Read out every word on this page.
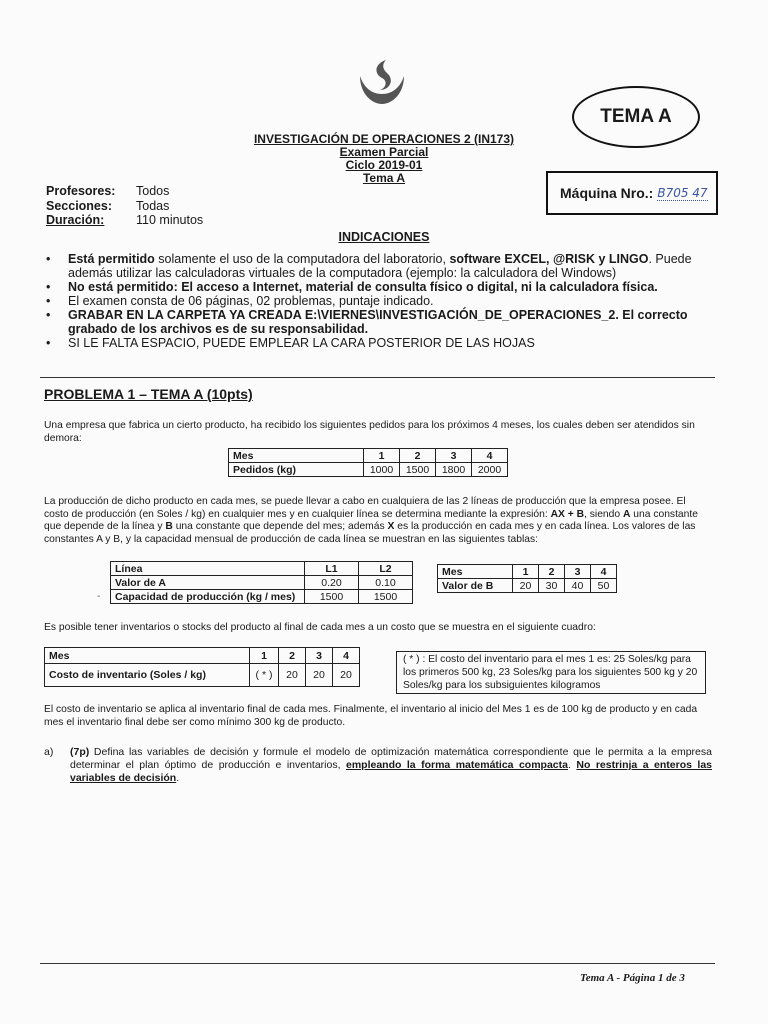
TEMA A
Máquina Nro.: B705 47
INVESTIGACIÓN DE OPERACIONES 2 (IN173)
Examen Parcial
Ciclo 2019-01
Tema A
Profesores: Todos
Secciones: Todas
Duración:	110 minutos
INDICACIONES
• Está permitido solamente el uso de la computadora del laboratorio, software EXCEL, @RISK y LINGO. Puede además utilizar las calculadoras virtuales de la computadora (ejemplo: la calculadora del Windows)
• No está permitido: El acceso a Internet, material de consulta físico o digital, ni la calculadora física.
• El examen consta de 06 páginas, 02 problemas, puntaje indicado.
• GRABAR EN LA CARPETA YA CREADA E:\VIERNES\INVESTIGACIÓN_DE_OPERACIONES_2. El correcto grabado de los archivos es de su responsabilidad.
• SI LE FALTA ESPACIO, PUEDE EMPLEAR LA CARA POSTERIOR DE LAS HOJAS
PROBLEMA 1 – TEMA A (10pts)
Una empresa que fabrica un cierto producto, ha recibido los siguientes pedidos para los próximos 4 meses, los cuales deben ser atendidos sin demora:
Mes	1	2	3	4
Pedidos (kg)	1000	1500	1800	2000
La producción de dicho producto en cada mes, se puede llevar a cabo en cualquiera de las 2 líneas de producción que la empresa posee. El costo de producción (en Soles / kg) en cualquier mes y en cualquier línea se determina mediante la expresión: AX + B, siendo A una constante que depende de la línea y B una constante que depende del mes; además X es la producción en cada mes y en cada línea. Los valores de las constantes A y B, y la capacidad mensual de producción de cada línea se muestran en las siguientes tablas:
-
Línea	L1	L2
Valor de A	0.20	0.10
Capacidad de producción (kg / mes)	1500	1500
Mes	1	2	3	4
Valor de B	20	30	40	50
Es posible tener inventarios o stocks del producto al final de cada mes a un costo que se muestra en el siguiente cuadro:
Mes	1	2	3	4
Costo de inventario (Soles / kg)	( * )	20	20	20
( * ) : El costo del inventario para el mes 1 es: 25 Soles/kg para los primeros 500 kg, 23 Soles/kg para los siguientes 500 kg y 20 Soles/kg para los subsiguientes kilogramos
El costo de inventario se aplica al inventario final de cada mes. Finalmente, el inventario al inicio del Mes 1 es de 100 kg de producto y en cada mes el inventario final debe ser como mínimo 300 kg de producto.
a) (7p) Defina las variables de decisión y formule el modelo de optimización matemática correspondiente que le permita a la empresa determinar el plan óptimo de producción e inventarios, empleando la forma matemática compacta. No restrinja a enteros las variables de decisión.
Tema A - Página 1 de 3
